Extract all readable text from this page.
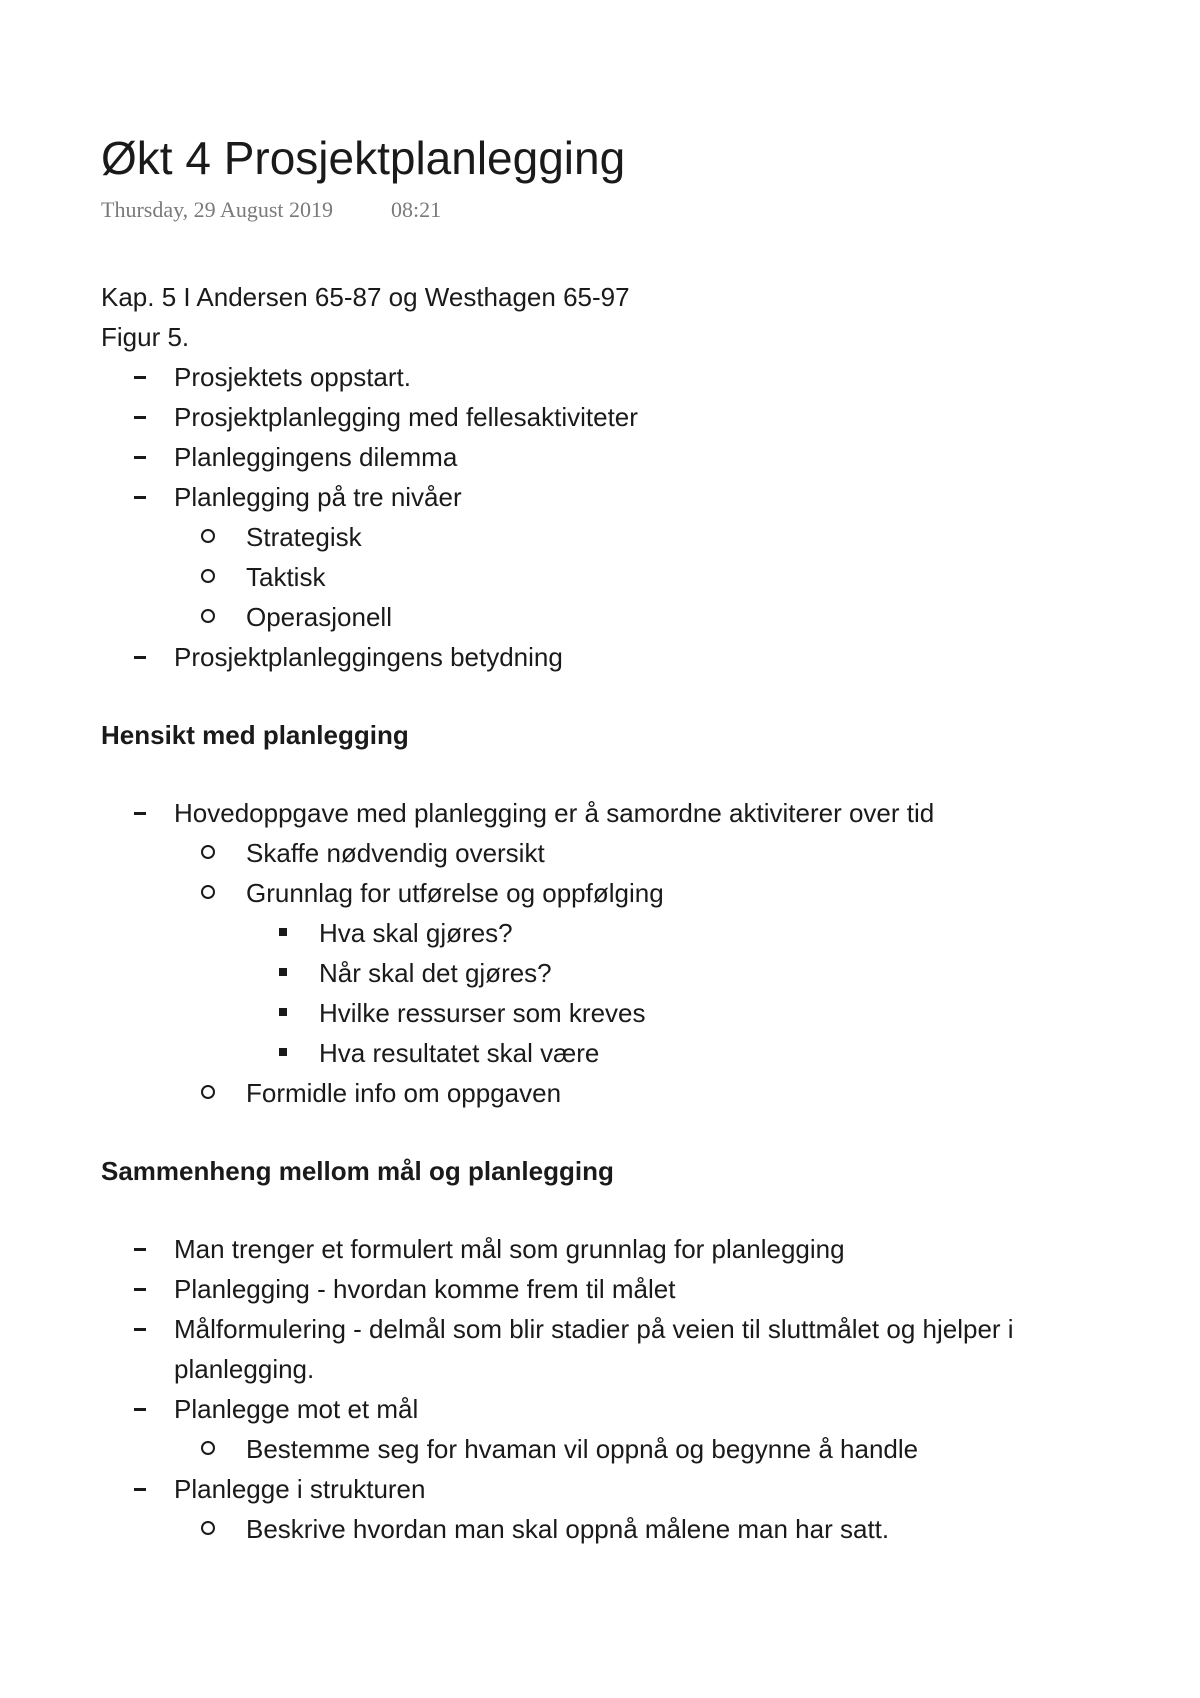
Økt 4 Prosjektplanlegging
Thursday, 29 August 2019	08:21
Kap. 5 I Andersen 65-87 og Westhagen 65-97
Figur 5.
Prosjektets oppstart.
Prosjektplanlegging med fellesaktiviteter
Planleggingens dilemma
Planlegging på tre nivåer
Strategisk
Taktisk
Operasjonell
Prosjektplanleggingens betydning
Hensikt med planlegging
Hovedoppgave med planlegging er å samordne aktiviterer over tid
Skaffe nødvendig oversikt
Grunnlag for utførelse og oppfølging
Hva skal gjøres?
Når skal det gjøres?
Hvilke ressurser som kreves
Hva resultatet skal være
Formidle info om oppgaven
Sammenheng mellom mål og planlegging
Man trenger et formulert mål som grunnlag for planlegging
Planlegging - hvordan komme frem til målet
Målformulering - delmål som blir stadier på veien til sluttmålet og hjelper i planlegging.
Planlegge mot et mål
Bestemme seg for hvaman vil oppnå og begynne å handle
Planlegge i strukturen
Beskrive hvordan man skal oppnå målene man har satt.
